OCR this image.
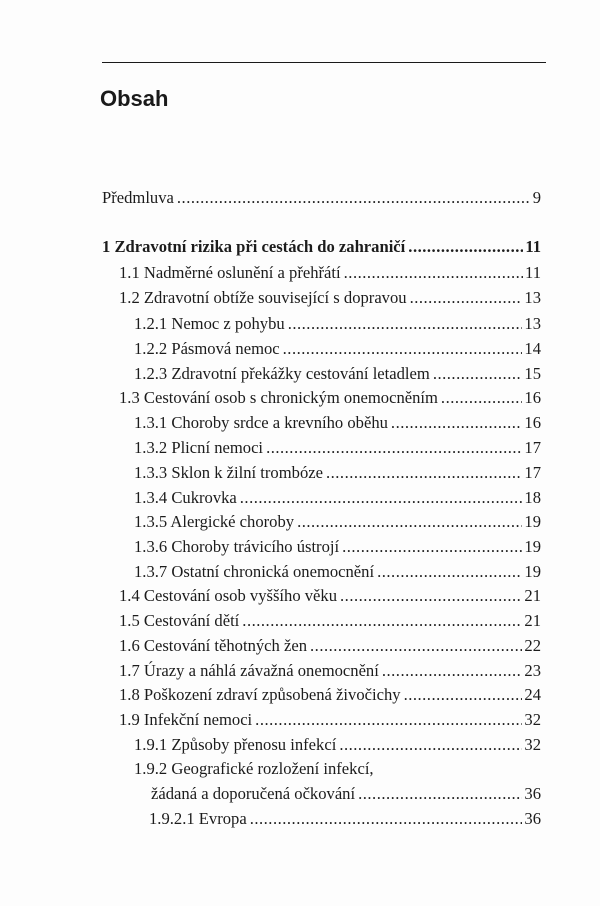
Obsah
Předmluva .....	9
1 Zdravotní rizika při cestách do zahraničí .....	11
1.1 Nadměrné oslunění a přehřátí .....	11
1.2 Zdravotní obtíže související s dopravou .....	13
1.2.1 Nemoc z pohybu .....	13
1.2.2 Pásmová nemoc .....	14
1.2.3 Zdravotní překážky cestování letadlem .....	15
1.3 Cestování osob s chronickým onemocněním .....	16
1.3.1 Choroby srdce a krevního oběhu .....	16
1.3.2 Plicní nemoci .....	17
1.3.3 Sklon k žilní trombóze .....	17
1.3.4 Cukrovka .....	18
1.3.5 Alergické choroby .....	19
1.3.6 Choroby trávicího ústrojí .....	19
1.3.7 Ostatní chronická onemocnění .....	19
1.4 Cestování osob vyššího věku .....	21
1.5 Cestování dětí .....	21
1.6 Cestování těhotných žen .....	22
1.7 Úrazy a náhlá závažná onemocnění .....	23
1.8 Poškození zdraví způsobená živočichy .....	24
1.9 Infekční nemoci .....	32
1.9.1 Způsoby přenosu infekcí .....	32
1.9.2 Geografické rozložení infekcí,
žádaná a doporučená očkování .....	36
1.9.2.1 Evropa .....	36
